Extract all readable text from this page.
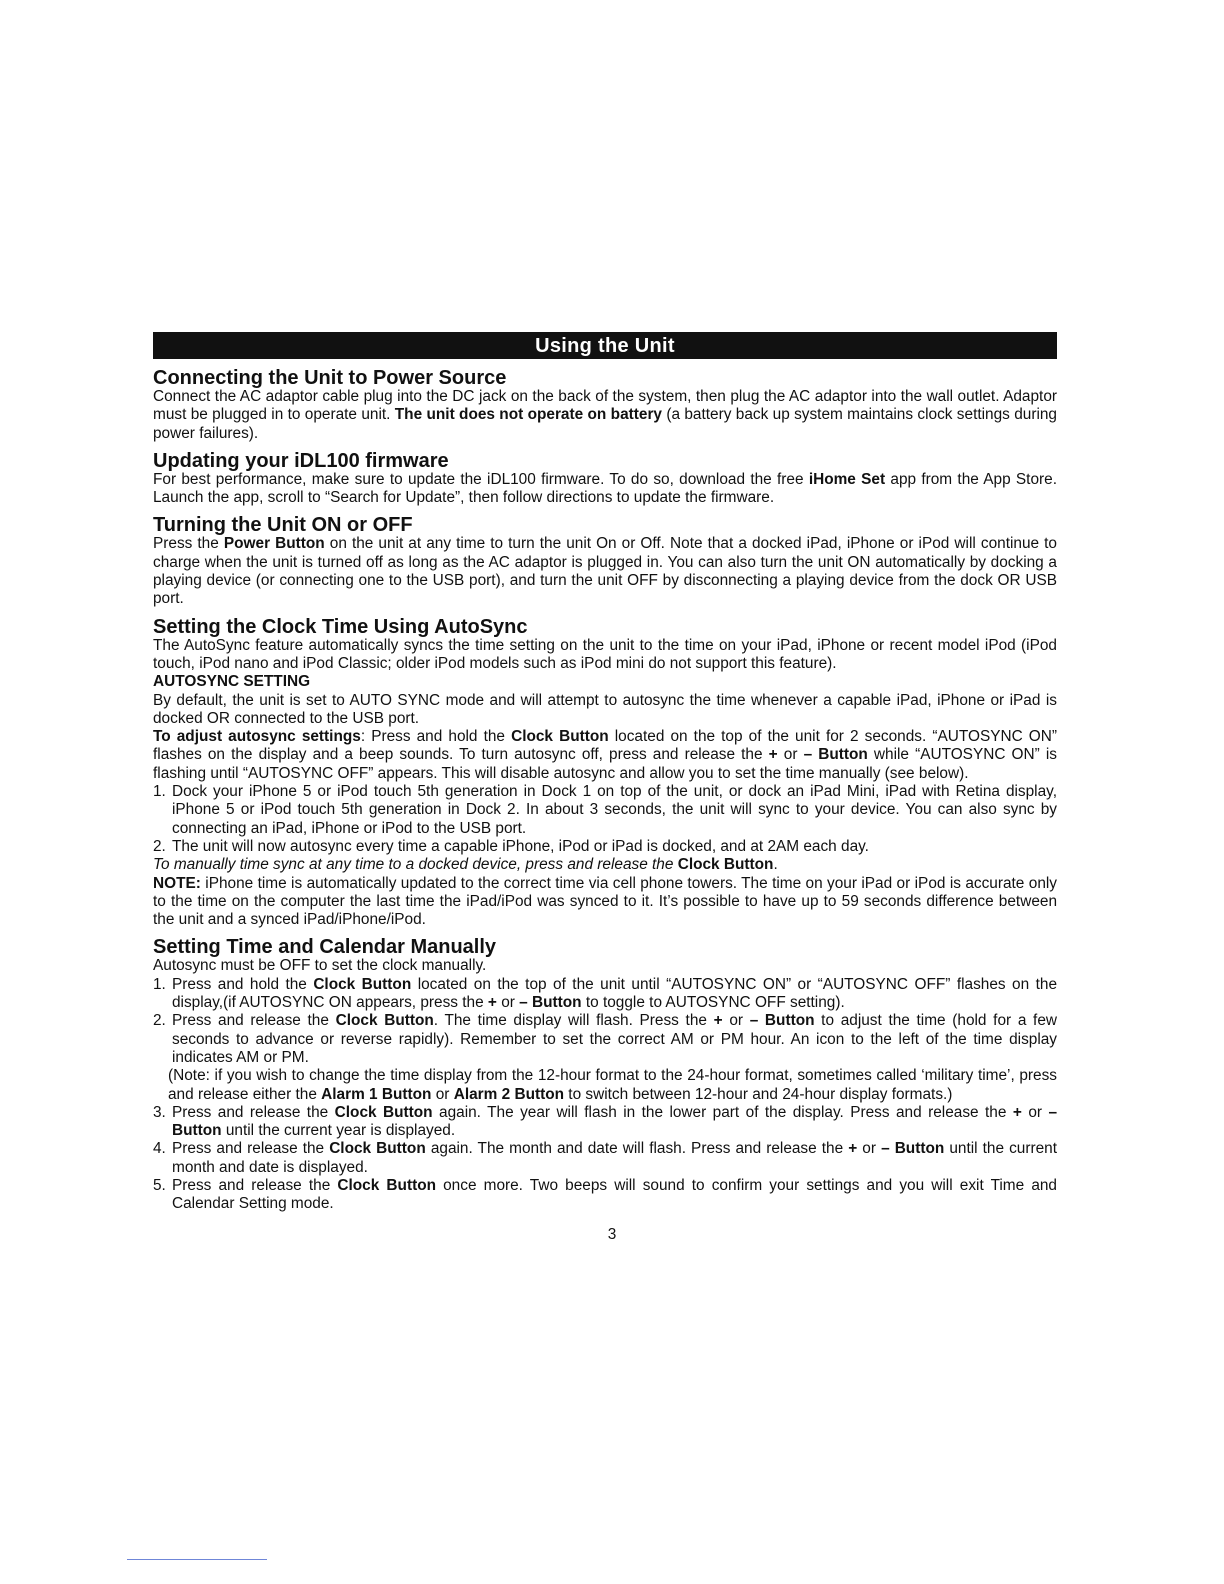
Using the Unit
Connecting the Unit to Power Source

Connect the AC adaptor cable plug into the DC jack on the back of the system, then plug the AC adaptor into the wall outlet. Adaptor must be plugged in to operate unit. The unit does not operate on battery (a battery back up system maintains clock settings during power failures).

Updating your iDL100 firmware

For best performance, make sure to update the iDL100 firmware. To do so, download the free iHome Set app from the App Store. Launch the app, scroll to “Search for Update”, then follow directions to update the firmware.

Turning the Unit ON or OFF

Press the Power Button on the unit at any time to turn the unit On or Off. Note that a docked iPad, iPhone or iPod will continue to charge when the unit is turned off as long as the AC adaptor is plugged in. You can also turn the unit ON automatically by docking a playing device (or connecting one to the USB port), and turn the unit OFF by disconnecting a playing device from the dock OR USB port.

Setting the Clock Time Using AutoSync

The AutoSync feature automatically syncs the time setting on the unit to the time on your iPad, iPhone or recent model iPod (iPod touch, iPod nano and iPod Classic; older iPod models such as iPod mini do not support this feature).

AUTOSYNC SETTING

By default, the unit is set to AUTO SYNC mode and will attempt to autosync the time whenever a capable iPad, iPhone or iPad is docked OR connected to the USB port.

To adjust autosync settings: Press and hold the Clock Button located on the top of the unit for 2 seconds. “AUTOSYNC ON” flashes on the display and a beep sounds. To turn autosync off, press and release the + or – Button while “AUTOSYNC ON” is flashing until “AUTOSYNC OFF” appears. This will disable autosync and allow you to set the time manually (see below).

1. Dock your iPhone 5 or iPod touch 5th generation in Dock 1 on top of the unit, or dock an iPad Mini, iPad with Retina display, iPhone 5 or iPod touch 5th generation in Dock 2. In about 3 seconds, the unit will sync to your device. You can also sync by connecting an iPad, iPhone or iPod to the USB port.
2. The unit will now autosync every time a capable iPhone, iPod or iPad is docked, and at 2AM each day.

To manually time sync at any time to a docked device, press and release the Clock Button.

NOTE: iPhone time is automatically updated to the correct time via cell phone towers. The time on your iPad or iPod is accurate only to the time on the computer the last time the iPad/iPod was synced to it. It’s possible to have up to 59 seconds difference between the unit and a synced iPad/iPhone/iPod.

Setting Time and Calendar Manually

Autosync must be OFF to set the clock manually.

1. Press and hold the Clock Button located on the top of the unit until “AUTOSYNC ON” or “AUTOSYNC OFF” flashes on the display,(if AUTOSYNC ON appears, press the + or – Button to toggle to AUTOSYNC OFF setting).
2. Press and release the Clock Button. The time display will flash. Press the + or – Button to adjust the time (hold for a few seconds to advance or reverse rapidly). Remember to set the correct AM or PM hour. An icon to the left of the time display indicates AM or PM.
(Note: if you wish to change the time display from the 12-hour format to the 24-hour format, sometimes called ‘military time’, press and release either the Alarm 1 Button or Alarm 2 Button to switch between 12-hour and 24-hour display formats.)
3. Press and release the Clock Button again. The year will flash in the lower part of the display. Press and release the + or – Button until the current year is displayed.
4. Press and release the Clock Button again. The month and date will flash. Press and release the + or – Button until the current month and date is displayed.
5. Press and release the Clock Button once more. Two beeps will sound to confirm your settings and you will exit Time and Calendar Setting mode.
3
